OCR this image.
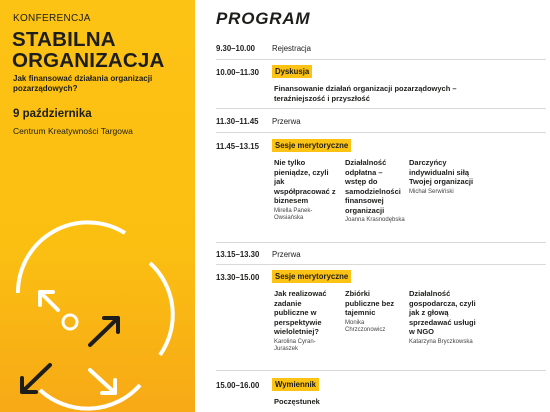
KONFERENCJA
STABILNA
ORGANIZACJA
Jak finansować działania organizacji pozarządowych?
9 października
Centrum Kreatywności Targowa
PROGRAM
9.30–10.00 Rejestracja
10.00–11.30	Dyskusja
Finansowanie działań organizacji pozarządowych – teraźniejszość i przyszłość
11.30–11.45 Przerwa
11.45–13.15	Sesje merytoryczne
Nie tylko pieniądze, czyli jak współpracować z biznesem
Mirella Panek-Owsiańska
Działalność odpłatna – wstęp do samodzielności finansowej organizacji
Joanna Krasnodębska
Darczyńcy indywidualni siłą Twojej organizacji
Michał Serwiński
13.15–13.30 Przerwa
13.30–15.00	Sesje merytoryczne
Jak realizować zadanie publiczne w perspektywie wieloletniej?
Karolina Cyran-Juraszek
Zbiórki publiczne bez tajemnic
Monika Chrzczonowicz
Działalność gospodarcza, czyli jak z głową sprzedawać usługi w NGO
Katarzyna Bryczkowska
15.00–16.00	Wymiennik
Poczęstunek
